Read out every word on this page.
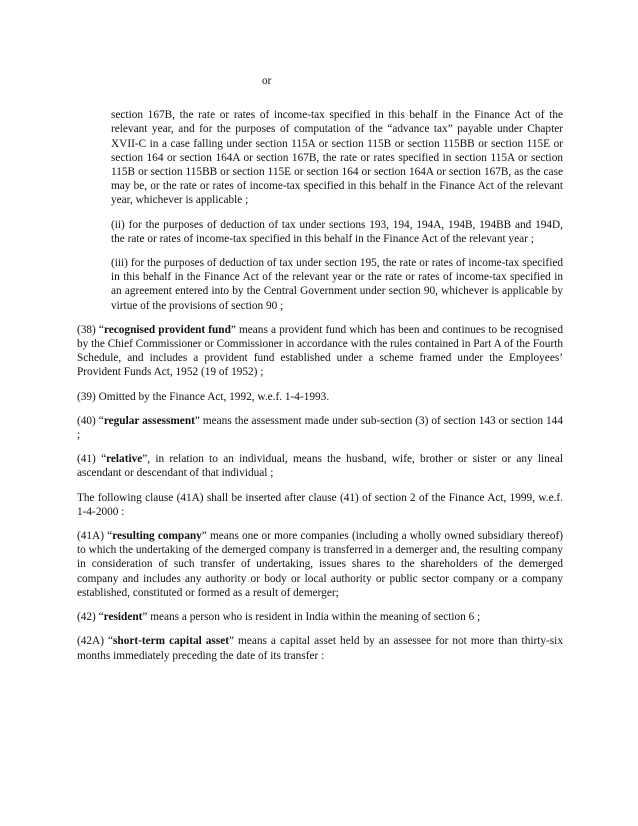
or

section 167B, the rate or rates of income-tax specified in this behalf in the Finance Act of the relevant year, and for the purposes of computation of the “advance tax” payable under Chapter XVII-C in a case falling under section 115A or section 115B or section 115BB or section 115E or section 164 or section 164A or section 167B, the rate or rates specified in section 115A or section 115B or section 115BB or section 115E or section 164 or section 164A or section 167B, as the case may be, or the rate or rates of income-tax specified in this behalf in the Finance Act of the relevant year, whichever is applicable ;

(ii) for the purposes of deduction of tax under sections 193, 194, 194A, 194B, 194BB and 194D, the rate or rates of income-tax specified in this behalf in the Finance Act of the relevant year ;

(iii) for the purposes of deduction of tax under section 195, the rate or rates of income-tax specified in this behalf in the Finance Act of the relevant year or the rate or rates of income-tax specified in an agreement entered into by the Central Government under section 90, whichever is applicable by virtue of the provisions of section 90 ;

(38) “recognised provident fund” means a provident fund which has been and continues to be recognised by the Chief Commissioner or Commissioner in accordance with the rules contained in Part A of the Fourth Schedule, and includes a provident fund established under a scheme framed under the Employees’ Provident Funds Act, 1952 (19 of 1952) ;

(39) Omitted by the Finance Act, 1992, w.e.f. 1-4-1993.

(40) “regular assessment” means the assessment made under sub-section (3) of section 143 or section 144 ;

(41) “relative”, in relation to an individual, means the husband, wife, brother or sister or any lineal ascendant or descendant of that individual ;

The following clause (41A) shall be inserted after clause (41) of section 2 of the Finance Act, 1999, w.e.f. 1-4-2000 :

(41A) “resulting company” means one or more companies (including a wholly owned subsidiary thereof) to which the undertaking of the demerged company is transferred in a demerger and, the resulting company in consideration of such transfer of undertaking, issues shares to the shareholders of the demerged company and includes any authority or body or local authority or public sector company or a company established, constituted or formed as a result of demerger;

(42) “resident” means a person who is resident in India within the meaning of section 6 ;

(42A) “short-term capital asset” means a capital asset held by an assessee for not more than thirty-six months immediately preceding the date of its transfer :
